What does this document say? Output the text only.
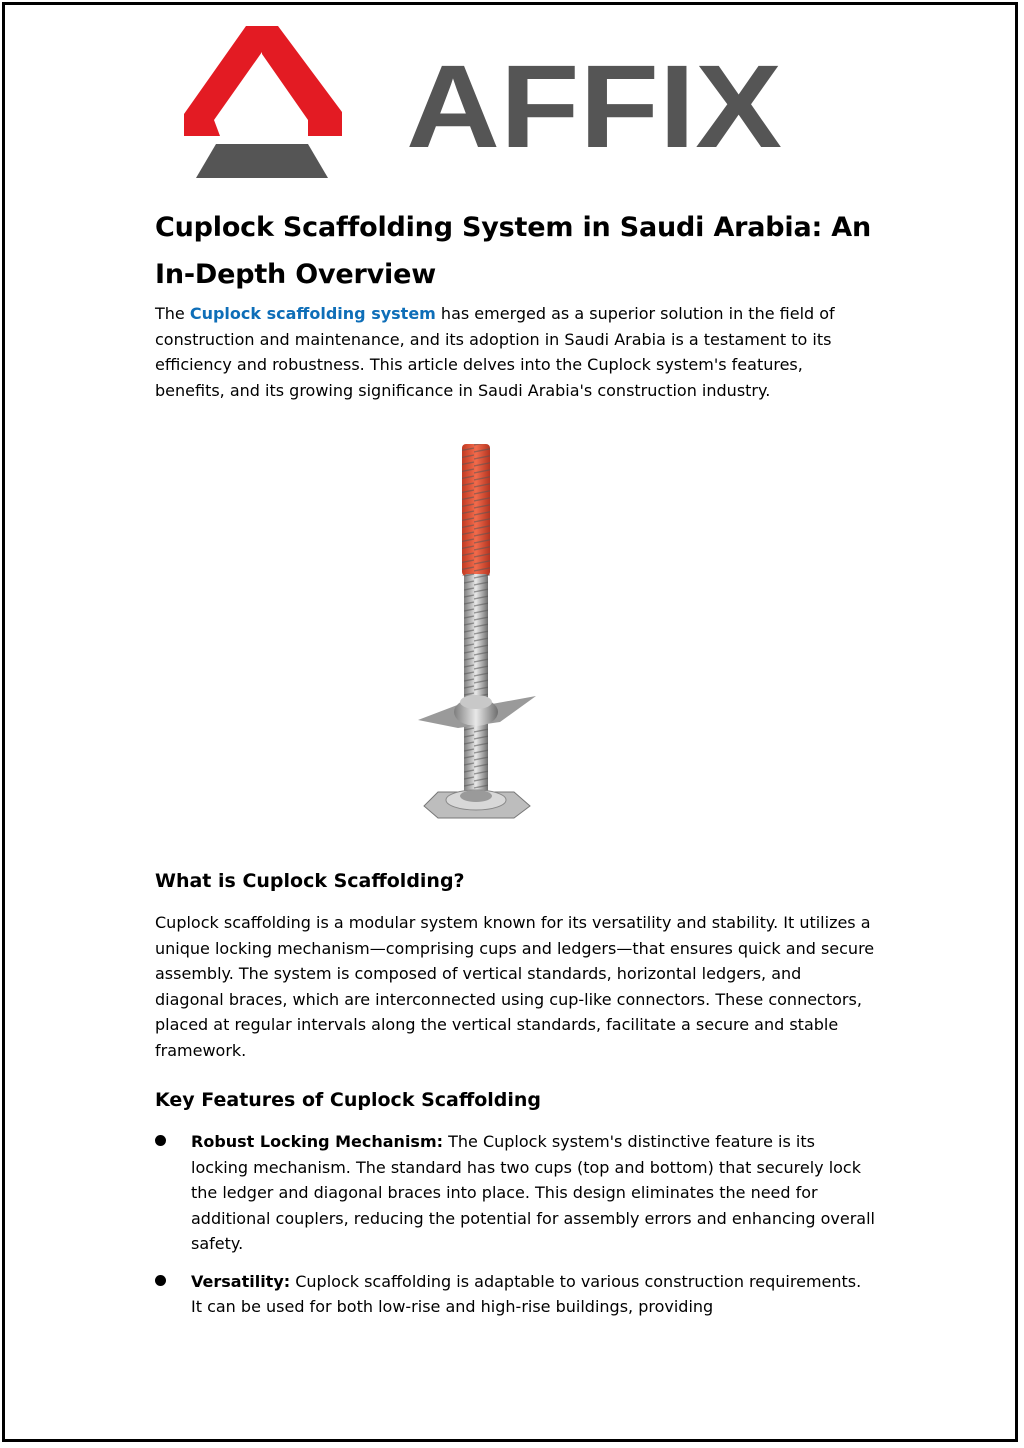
AFFIX
Cuplock Scaffolding System in Saudi Arabia: An
In-Depth Overview

The Cuplock scaffolding system has emerged as a superior solution in the field of construction and maintenance, and its adoption in Saudi Arabia is a testament to its efficiency and robustness. This article delves into the Cuplock system's features, benefits, and its growing significance in Saudi Arabia's construction industry.

What is Cuplock Scaffolding?

Cuplock scaffolding is a modular system known for its versatility and stability. It utilizes a unique locking mechanism—comprising cups and ledgers—that ensures quick and secure assembly. The system is composed of vertical standards, horizontal ledgers, and diagonal braces, which are interconnected using cup-like connectors. These connectors, placed at regular intervals along the vertical standards, facilitate a secure and stable framework.

Key Features of Cuplock Scaffolding
Robust Locking Mechanism: The Cuplock system's distinctive feature is its locking mechanism. The standard has two cups (top and bottom) that securely lock the ledger and diagonal braces into place. This design eliminates the need for additional couplers, reducing the potential for assembly errors and enhancing overall safety.
Versatility: Cuplock scaffolding is adaptable to various construction requirements. It can be used for both low-rise and high-rise buildings, providing
